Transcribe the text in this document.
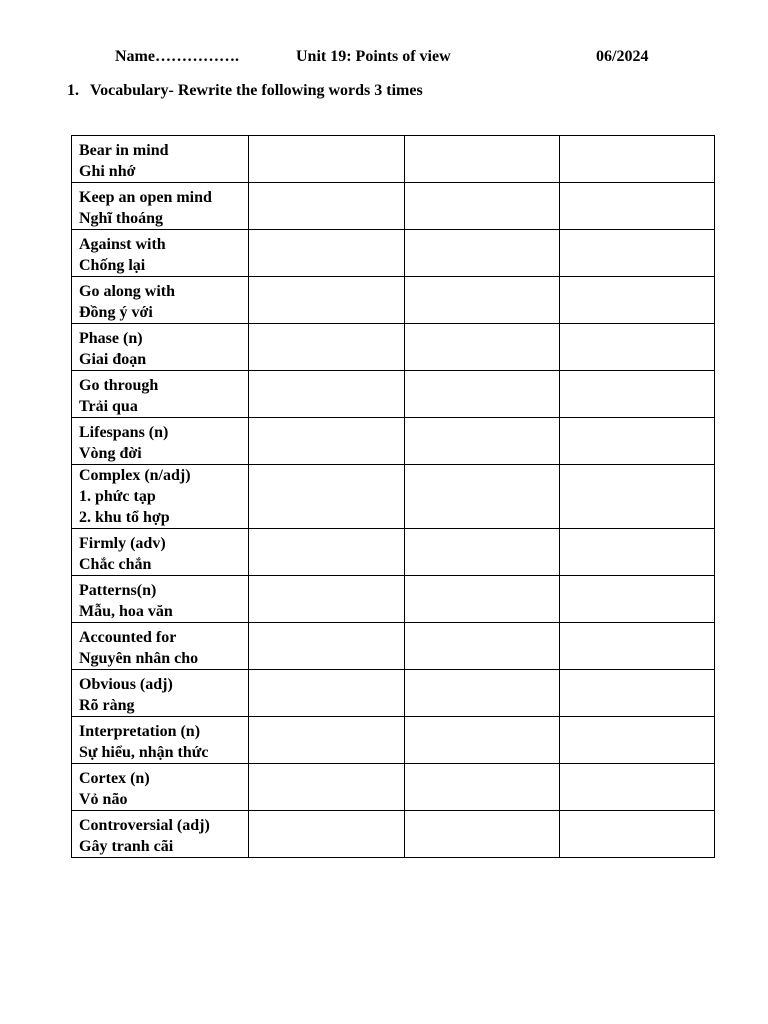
Name…………….	Unit 19: Points of view	06/2024
1. Vocabulary- Rewrite the following words 3 times
Bear in mind
Ghi nhớ			

Keep an open mind
Nghĩ thoáng			

Against with
Chống lại			

Go along with
Đồng ý với			

Phase (n)
Giai đoạn			

Go through
Trải qua			

Lifespans (n)
Vòng đời			

Complex (n/adj)
1. phức tạp
2. khu tổ hợp			

Firmly (adv)
Chắc chắn			

Patterns(n)
Mẫu, hoa văn			

Accounted for
Nguyên nhân cho			

Obvious (adj)
Rõ ràng			

Interpretation (n)
Sự hiểu, nhận thức			

Cortex (n)
Vỏ não			

Controversial (adj)
Gây tranh cãi			
